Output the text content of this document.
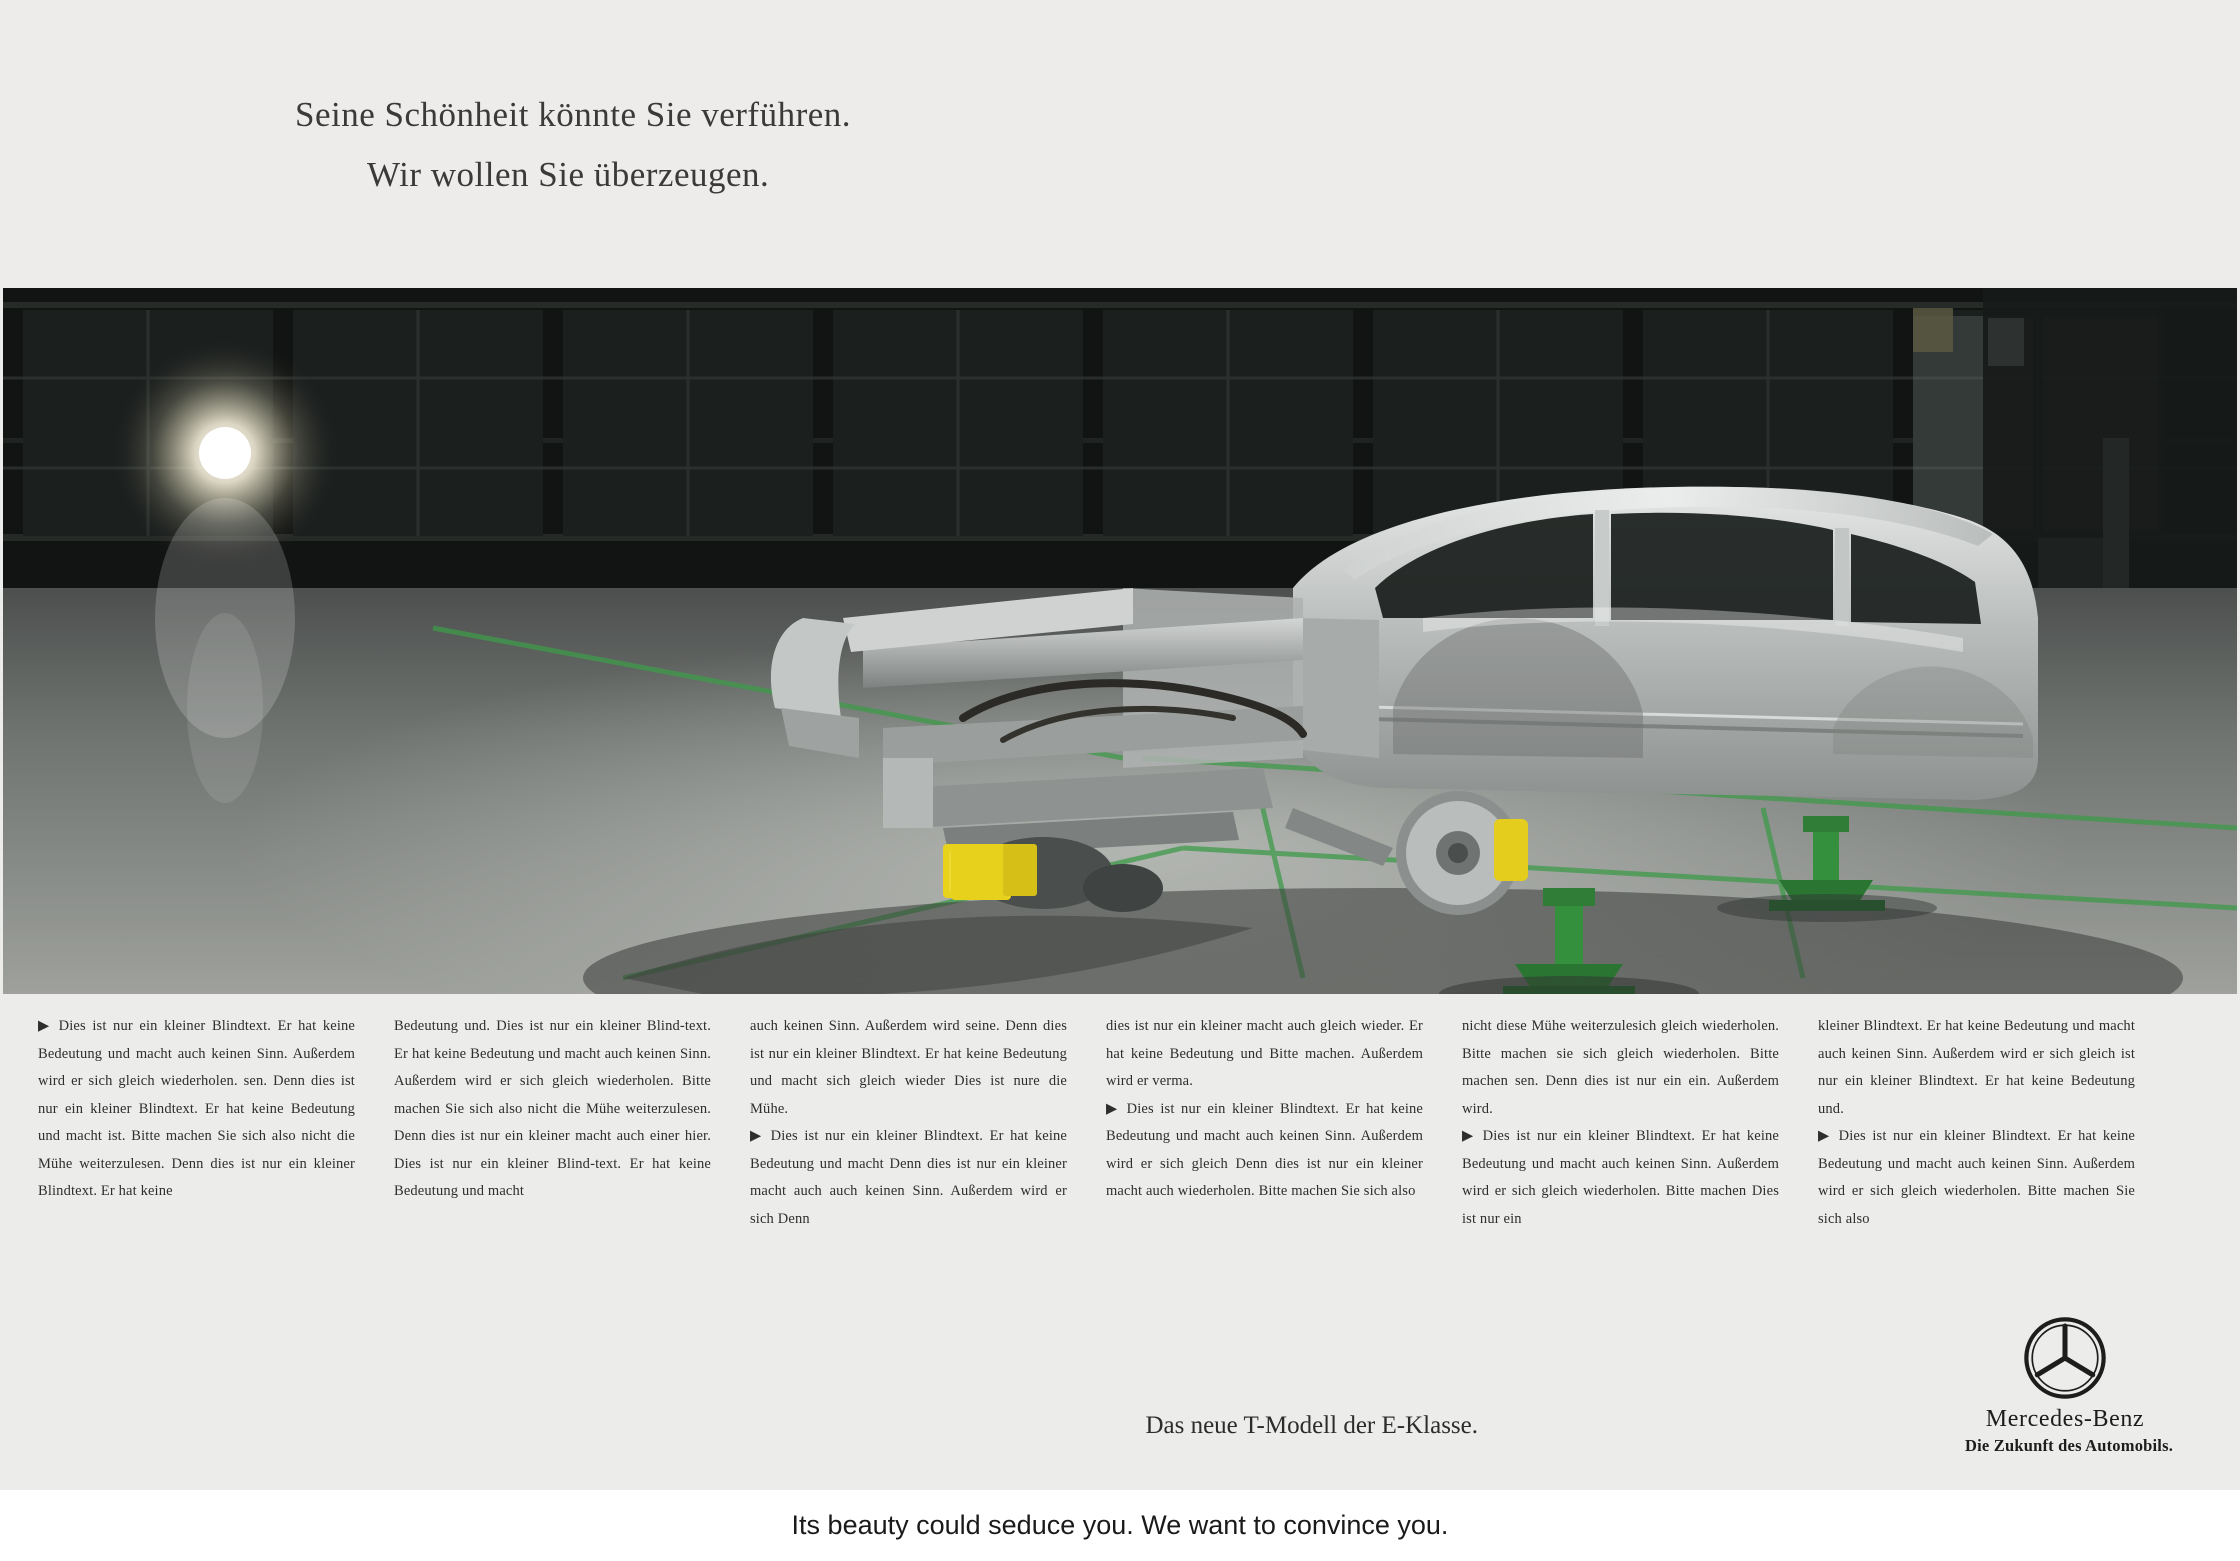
Seine Schönheit könnte Sie verführen.
Wir wollen Sie überzeugen.

▶ Dies ist nur ein kleiner Blindtext. Er hat keine Bedeutung und macht auch keinen Sinn. Außerdem wird er sich gleich wiederholen. sen. Denn dies ist nur ein kleiner Blindtext. Er hat keine Bedeutung und macht ist. Bitte machen Sie sich also nicht die Mühe weiterzulesen. Denn dies ist nur ein kleiner Blindtext. Er hat keine

Bedeutung und. Dies ist nur ein kleiner Blind-text. Er hat keine Bedeutung und macht auch keinen Sinn. Außerdem wird er sich gleich wiederholen. Bitte machen Sie sich also nicht die Mühe weiterzulesen. Denn dies ist nur ein kleiner macht auch einer hier. Dies ist nur ein kleiner Blind-text. Er hat keine Bedeutung und macht

auch keinen Sinn. Außerdem wird seine. Denn dies ist nur ein kleiner Blindtext. Er hat keine Bedeutung und macht sich gleich wieder Dies ist nure die Mühe.

▶ Dies ist nur ein kleiner Blindtext. Er hat keine Bedeutung und macht Denn dies ist nur ein kleiner macht auch auch keinen Sinn. Außerdem wird er sich Denn

dies ist nur ein kleiner macht auch gleich wieder. Er hat keine Bedeutung und Bitte machen. Außerdem wird er verma.

▶ Dies ist nur ein kleiner Blindtext. Er hat keine Bedeutung und macht auch keinen Sinn. Außerdem wird er sich gleich Denn dies ist nur ein kleiner macht auch wiederholen. Bitte machen Sie sich also

nicht diese Mühe weiterzulesich gleich wiederholen. Bitte machen sie sich gleich wiederholen. Bitte machen sen. Denn dies ist nur ein ein. Außerdem wird.

▶ Dies ist nur ein kleiner Blindtext. Er hat keine Bedeutung und macht auch keinen Sinn. Außerdem wird er sich gleich wiederholen. Bitte machen Dies ist nur ein

kleiner Blindtext. Er hat keine Bedeutung und macht auch keinen Sinn. Außerdem wird er sich gleich ist nur ein kleiner Blindtext. Er hat keine Bedeutung und.

▶ Dies ist nur ein kleiner Blindtext. Er hat keine Bedeutung und macht auch keinen Sinn. Außerdem wird er sich gleich wiederholen. Bitte machen Sie sich also

Das neue T-Modell der E-Klasse.	Mercedes-Benz
Die Zukunft des Automobils.
Its beauty could seduce you. We want to convince you.
